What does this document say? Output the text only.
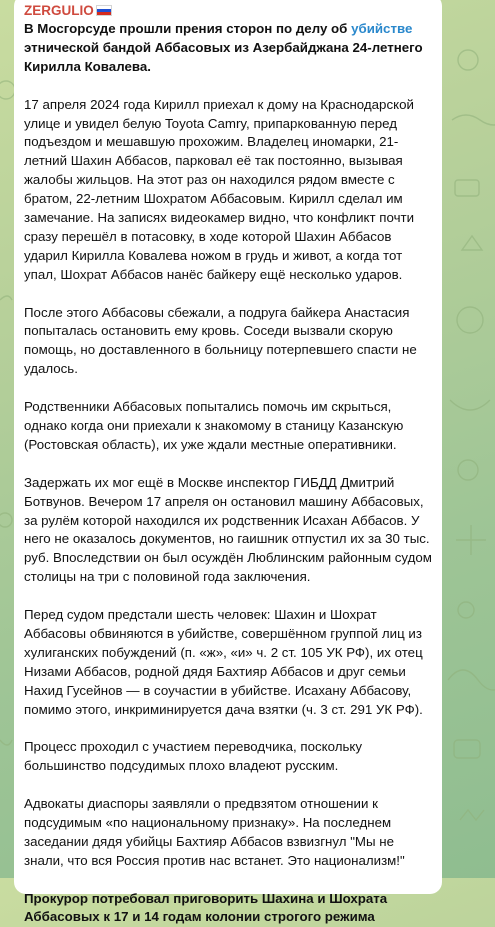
ZERGULIO

В Мосгорсуде прошли прения сторон по делу об убийстве этнической бандой Аббасовых из Азербайджана 24-летнего Кирилла Ковалева.

17 апреля 2024 года Кирилл приехал к дому на Краснодарской улице и увидел белую Toyota Camry, припаркованную перед подъездом и мешавшую прохожим. Владелец иномарки, 21-летний Шахин Аббасов, парковал её так постоянно, вызывая жалобы жильцов. На этот раз он находился рядом вместе с братом, 22-летним Шохратом Аббасовым. Кирилл сделал им замечание. На записях видеокамер видно, что конфликт почти сразу перешёл в потасовку, в ходе которой Шахин Аббасов ударил Кирилла Ковалева ножом в грудь и живот, а когда тот упал, Шохрат Аббасов нанёс байкеру ещё несколько ударов.

После этого Аббасовы сбежали, а подруга байкера Анастасия попыталась остановить ему кровь. Соседи вызвали скорую помощь, но доставленного в больницу потерпевшего спасти не удалось.

Родственники Аббасовых попытались помочь им скрыться, однако когда они приехали к знакомому в станицу Казанскую (Ростовская область), их уже ждали местные оперативники.

Задержать их мог ещё в Москве инспектор ГИБДД Дмитрий Ботвунов. Вечером 17 апреля он остановил машину Аббасовых, за рулём которой находился их родственник Исахан Аббасов. У него не оказалось документов, но гаишник отпустил их за 30 тыс. руб. Впоследствии он был осуждён Люблинским районным судом столицы на три с половиной года заключения.

Перед судом предстали шесть человек: Шахин и Шохрат Аббасовы обвиняются в убийстве, совершённом группой лиц из хулиганских побуждений (п. «ж», «и» ч. 2 ст. 105 УК РФ), их отец Низами Аббасов, родной дядя Бахтияр Аббасов и друг семьи Нахид Гусейнов — в соучастии в убийстве. Исахану Аббасову, помимо этого, инкриминируется дача взятки (ч. 3 ст. 291 УК РФ).

Процесс проходил с участием переводчика, поскольку большинство подсудимых плохо владеют русским.

Адвокаты диаспоры заявляли о предвзятом отношении к подсудимым «по национальному признаку». На последнем заседании дядя убийцы Бахтияр Аббасов взвизгнул "Мы не знали, что вся Россия против нас встанет. Это национализм!"

Прокурор потребовал приговорить Шахина и Шохрата Аббасовых к 17 и 14 годам колонии строгого режима
